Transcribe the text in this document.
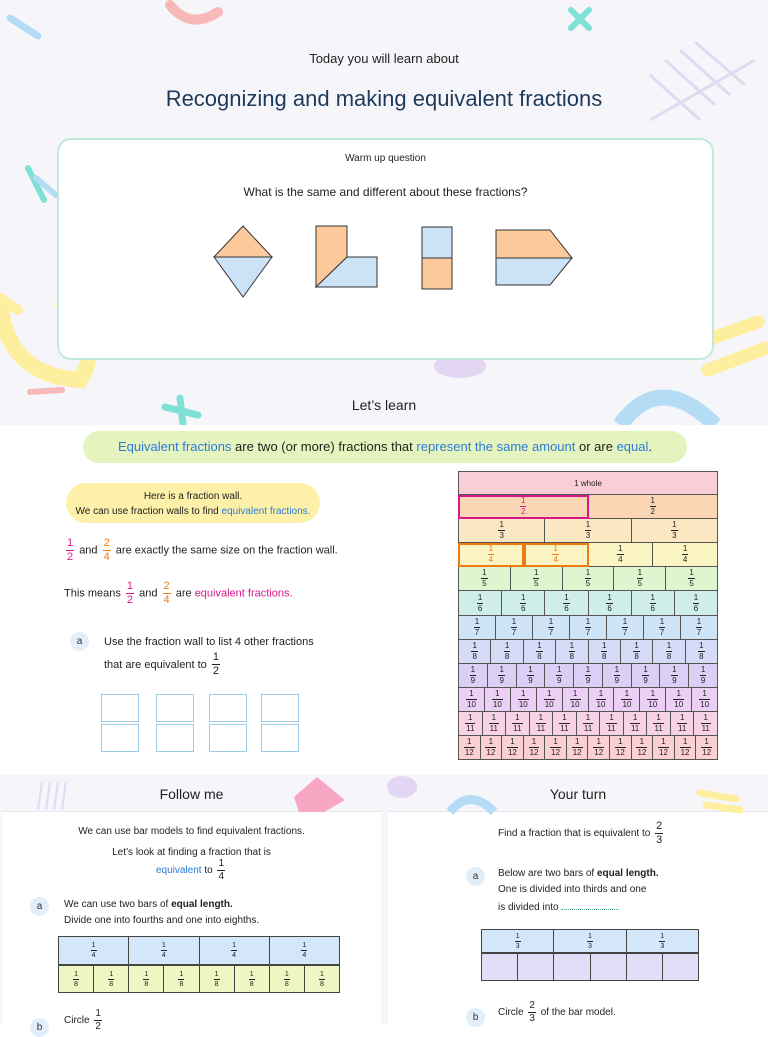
Today you will learn about
Recognizing and making equivalent fractions
Warm up question
What is the same and different about these fractions?
Let’s learn
Equivalent fractions are two (or more) fractions that represent the same amount or are equal.
Here is a fraction wall.
We can use fraction walls to find equivalent fractions.
$\frac{1}{2}$ and $\frac{2}{4}$ are exactly the same size on the fraction wall.
This means $\frac{1}{2}$ and $\frac{2}{4}$ are equivalent fractions.
a	Use the fraction wall to list 4 other fractions
that are equivalent to $\frac{1}{2}$
1 whole
$\frac{1}{2}$	$\frac{1}{2}$
$\frac{1}{3}$	$\frac{1}{3}$	$\frac{1}{3}$
$\frac{1}{4}$	$\frac{1}{4}$	$\frac{1}{4}$	$\frac{1}{4}$
$\frac{1}{5}$	$\frac{1}{5}$	$\frac{1}{5}$	$\frac{1}{5}$	$\frac{1}{5}$
$\frac{1}{6}$	$\frac{1}{6}$	$\frac{1}{6}$	$\frac{1}{6}$	$\frac{1}{6}$	$\frac{1}{6}$
$\frac{1}{7}$	$\frac{1}{7}$	$\frac{1}{7}$	$\frac{1}{7}$	$\frac{1}{7}$	$\frac{1}{7}$	$\frac{1}{7}$
$\frac{1}{8}$	$\frac{1}{8}$	$\frac{1}{8}$	$\frac{1}{8}$	$\frac{1}{8}$	$\frac{1}{8}$	$\frac{1}{8}$	$\frac{1}{8}$
$\frac{1}{9}$	$\frac{1}{9}$	$\frac{1}{9}$	$\frac{1}{9}$	$\frac{1}{9}$	$\frac{1}{9}$	$\frac{1}{9}$	$\frac{1}{9}$	$\frac{1}{9}$
$\frac{1}{10} \frac{1}{10} \frac{1}{10} \frac{1}{10} \frac{1}{10} \frac{1}{10} \frac{1}{10} \frac{1}{10} \frac{1}{10} \frac{1}{10}$
$\frac{1}{11} \frac{1}{11} \frac{1}{11} \frac{1}{11} \frac{1}{11} \frac{1}{11} \frac{1}{11} \frac{1}{11} \frac{1}{11} \frac{1}{11} \frac{1}{11}$
$\frac{1}{12} \frac{1}{12} \frac{1}{12} \frac{1}{12} \frac{1}{12} \frac{1}{12} \frac{1}{12} \frac{1}{12} \frac{1}{12} \frac{1}{12} \frac{1}{12} \frac{1}{12}$
Follow me
We can use bar models to find equivalent fractions.
Let’s look at finding a fraction that is
equivalent to $\frac{1}{4}$
a	We can use two bars of equal length.
Divide one into fourths and one into eighths.
$\frac{1}{4}$	$\frac{1}{4}$	$\frac{1}{4}$	$\frac{1}{4}$
$\frac{1}{8}$	$\frac{1}{8}$	$\frac{1}{8}$	$\frac{1}{8}$	$\frac{1}{8}$	$\frac{1}{8}$	$\frac{1}{8}$	$\frac{1}{8}$
b
Circle $\frac{1}{2}$
Your turn
Find a fraction that is equivalent to $\frac{2}{3}$
a	Below are two bars of equal length.
One is divided into thirds and one
is divided into
$\frac{1}{3}$	$\frac{1}{3}$	$\frac{1}{3}$
b	Circle $\frac{2}{3}$ of the bar model.
